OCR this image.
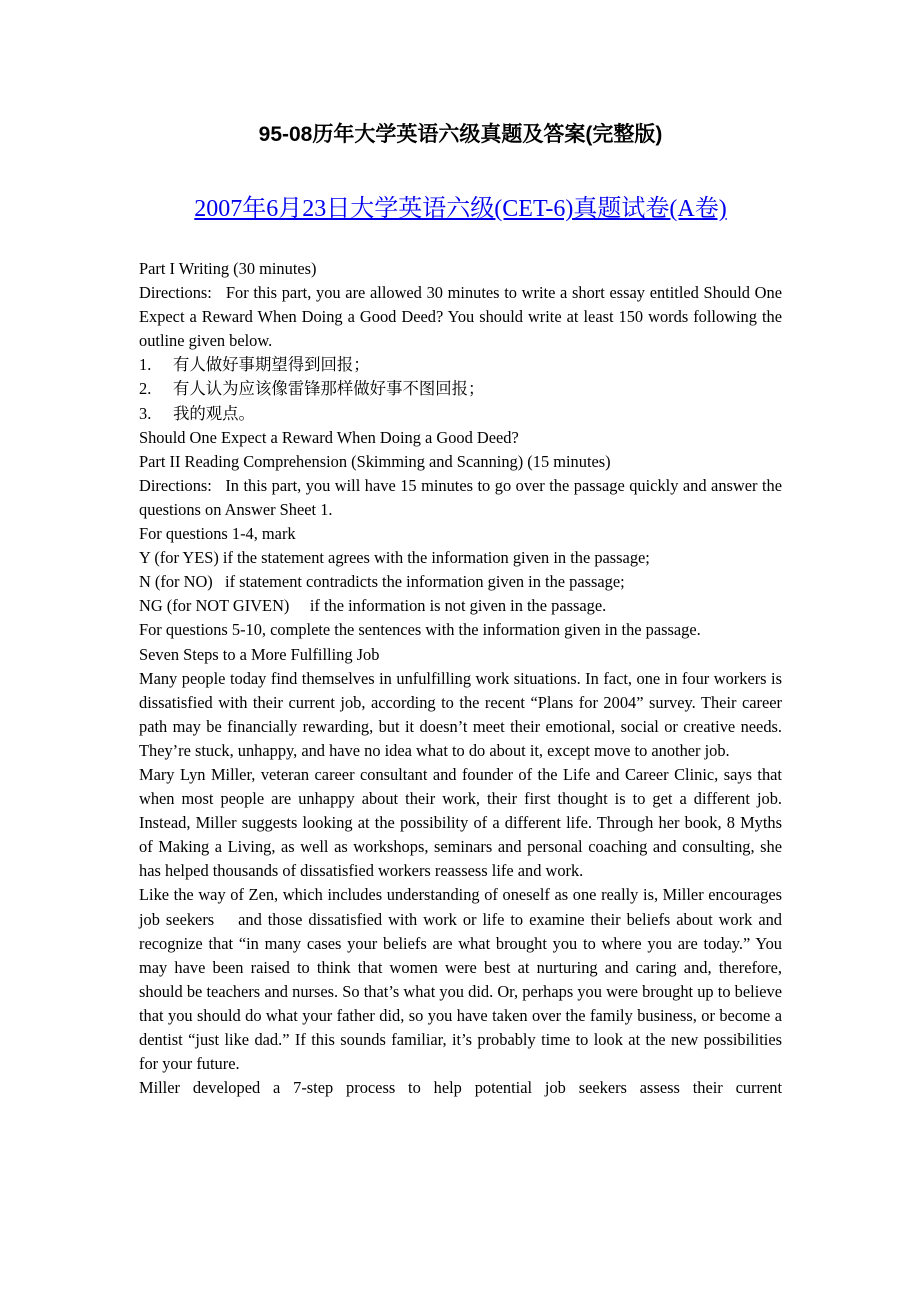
95-08历年大学英语六级真题及答案(完整版)

2007年6月23日大学英语六级(CET-6)真题试卷(A卷)

Part I Writing (30 minutes)

Directions:   For this part, you are allowed 30 minutes to write a short essay entitled Should One Expect a Reward When Doing a Good Deed? You should write at least 150 words following the outline given below.

1.	有人做好事期望得到回报；
2.	有人认为应该像雷锋那样做好事不图回报；
3.	我的观点。

Should One Expect a Reward When Doing a Good Deed?

Part II Reading Comprehension (Skimming and Scanning) (15 minutes)

Directions:   In this part, you will have 15 minutes to go over the passage quickly and answer the questions on Answer Sheet 1.

For questions 1-4, mark

Y (for YES) if the statement agrees with the information given in the passage;

N (for NO)   if statement contradicts the information given in the passage;

NG (for NOT GIVEN)     if the information is not given in the passage.

For questions 5-10, complete the sentences with the information given in the passage.

Seven Steps to a More Fulfilling Job

Many people today find themselves in unfulfilling work situations. In fact, one in four workers is dissatisfied with their current job, according to the recent “Plans for 2004” survey. Their career path may be financially rewarding, but it doesn’t meet their emotional, social or creative needs. They’re stuck, unhappy, and have no idea what to do about it, except move to another job.

Mary Lyn Miller, veteran career consultant and founder of the Life and Career Clinic, says that when most people are unhappy about their work, their first thought is to get a different job. Instead, Miller suggests looking at the possibility of a different life. Through her book, 8 Myths of Making a Living, as well as workshops, seminars and personal coaching and consulting, she has helped thousands of dissatisfied workers reassess life and work.

Like the way of Zen, which includes understanding of oneself as one really is, Miller encourages job seekers    and those dissatisfied with work or life to examine their beliefs about work and recognize that “in many cases your beliefs are what brought you to where you are today.” You may have been raised to think that women were best at nurturing and caring and, therefore, should be teachers and nurses. So that’s what you did. Or, perhaps you were brought up to believe that you should do what your father did, so you have taken over the family business, or become a dentist “just like dad.” If this sounds familiar, it’s probably time to look at the new possibilities for your future.

Miller developed a 7-step process to help potential job seekers assess their current
